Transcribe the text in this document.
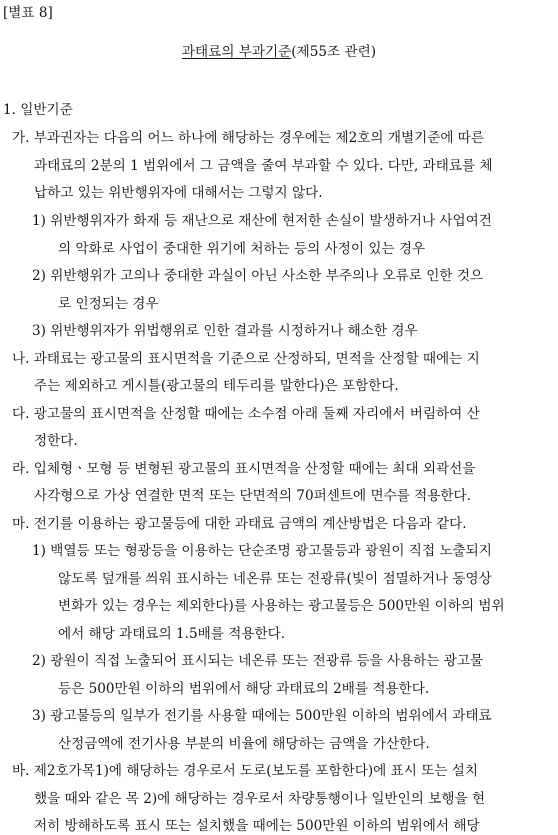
[별표 8]
과태료의 부과기준(제55조 관련)
1. 일반기준
가. 부과권자는 다음의 어느 하나에 해당하는 경우에는 제2호의 개별기준에 따른
과태료의 2분의 1 범위에서 그 금액을 줄여 부과할 수 있다. 다만, 과태료를 체
납하고 있는 위반행위자에 대해서는 그렇지 않다.
1) 위반행위자가 화재 등 재난으로 재산에 현저한 손실이 발생하거나 사업여건
의 악화로 사업이 중대한 위기에 처하는 등의 사정이 있는 경우
2) 위반행위가 고의나 중대한 과실이 아닌 사소한 부주의나 오류로 인한 것으
로 인정되는 경우
3) 위반행위자가 위법행위로 인한 결과를 시정하거나 해소한 경우
나. 과태료는 광고물의 표시면적을 기준으로 산정하되, 면적을 산정할 때에는 지
주는 제외하고 게시틀(광고물의 테두리를 말한다)은 포함한다.
다. 광고물의 표시면적을 산정할 때에는 소수점 아래 둘째 자리에서 버림하여 산
정한다.
라. 입체형ㆍ모형 등 변형된 광고물의 표시면적을 산정할 때에는 최대 외곽선을
사각형으로 가상 연결한 면적 또는 단면적의 70퍼센트에 면수를 적용한다.
마. 전기를 이용하는 광고물등에 대한 과태료 금액의 계산방법은 다음과 같다.
1) 백열등 또는 형광등을 이용하는 단순조명 광고물등과 광원이 직접 노출되지
않도록 덮개를 씌워 표시하는 네온류 또는 전광류(빛이 점멸하거나 동영상
변화가 있는 경우는 제외한다)를 사용하는 광고물등은 500만원 이하의 범위
에서 해당 과태료의 1.5배를 적용한다.
2) 광원이 직접 노출되어 표시되는 네온류 또는 전광류 등을 사용하는 광고물
등은 500만원 이하의 범위에서 해당 과태료의 2배를 적용한다.
3) 광고물등의 일부가 전기를 사용할 때에는 500만원 이하의 범위에서 과태료
산정금액에 전기사용 부분의 비율에 해당하는 금액을 가산한다.
바. 제2호가목1)에 해당하는 경우로서 도로(보도를 포함한다)에 표시 또는 설치
했을 때와 같은 목 2)에 해당하는 경우로서 차량통행이나 일반인의 보행을 현
저히 방해하도록 표시 또는 설치했을 때에는 500만원 이하의 범위에서 해당
